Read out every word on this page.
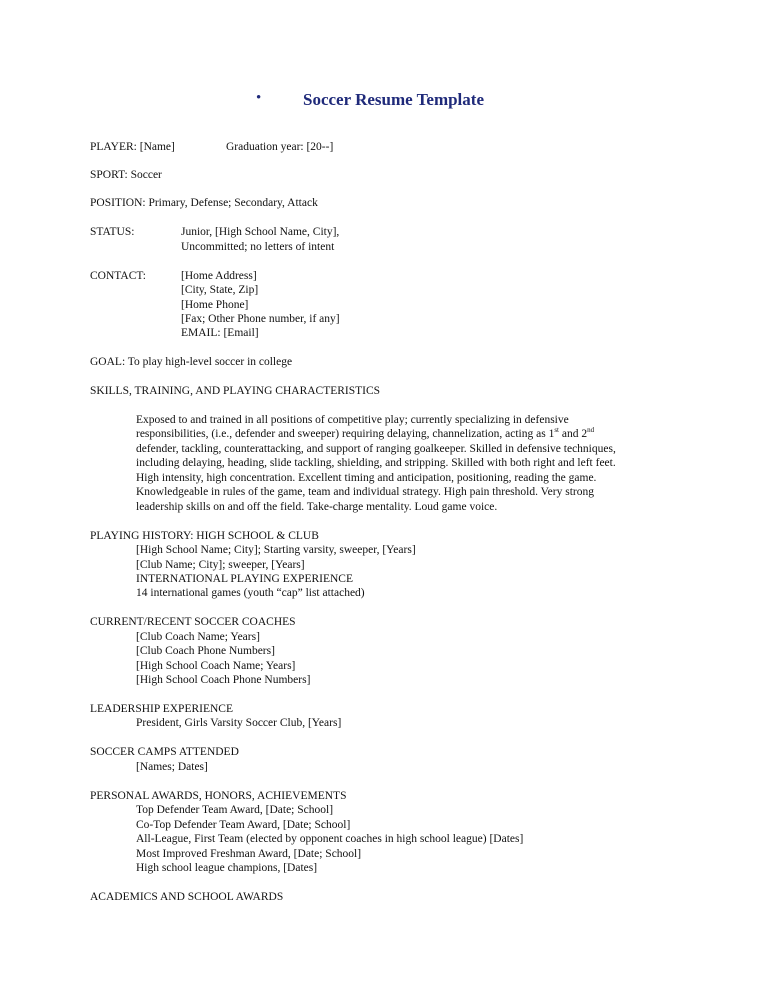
• Soccer Resume Template
PLAYER: [Name]	Graduation year: [20--]
SPORT: Soccer
POSITION: Primary, Defense; Secondary, Attack
STATUS:	Junior, [High School Name, City],
Uncommitted; no letters of intent
CONTACT:	[Home Address]
[City, State, Zip]
[Home Phone]
[Fax; Other Phone number, if any]
EMAIL: [Email]
GOAL: To play high-level soccer in college
SKILLS, TRAINING, AND PLAYING CHARACTERISTICS
Exposed to and trained in all positions of competitive play; currently specializing in defensive
responsibilities, (i.e., defender and sweeper) requiring delaying, channelization, acting as 1st and 2nd
defender, tackling, counterattacking, and support of ranging goalkeeper. Skilled in defensive techniques,
including delaying, heading, slide tackling, shielding, and stripping. Skilled with both right and left feet.
High intensity, high concentration. Excellent timing and anticipation, positioning, reading the game.
Knowledgeable in rules of the game, team and individual strategy. High pain threshold. Very strong
leadership skills on and off the field. Take-charge mentality. Loud game voice.
PLAYING HISTORY: HIGH SCHOOL & CLUB
[High School Name; City]; Starting varsity, sweeper, [Years]
[Club Name; City]; sweeper, [Years]
INTERNATIONAL PLAYING EXPERIENCE
14 international games (youth “cap” list attached)
CURRENT/RECENT SOCCER COACHES
[Club Coach Name; Years]
[Club Coach Phone Numbers]
[High School Coach Name; Years]
[High School Coach Phone Numbers]
LEADERSHIP EXPERIENCE
President, Girls Varsity Soccer Club, [Years]
SOCCER CAMPS ATTENDED
[Names; Dates]
PERSONAL AWARDS, HONORS, ACHIEVEMENTS
Top Defender Team Award, [Date; School]
Co-Top Defender Team Award, [Date; School]
All-League, First Team (elected by opponent coaches in high school league) [Dates]
Most Improved Freshman Award, [Date; School]
High school league champions, [Dates]
ACADEMICS AND SCHOOL AWARDS
